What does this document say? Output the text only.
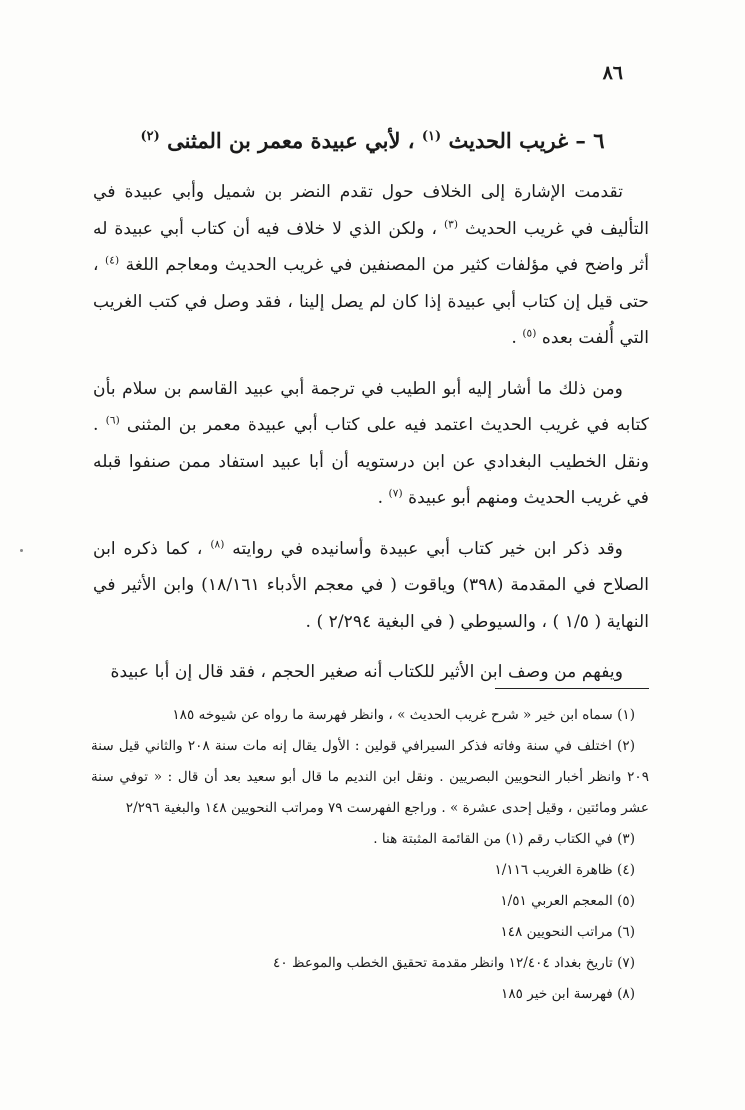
٨٦
٦ – غريب الحديث $^{(١)}$ ، لأبي عبيدة معمر بن المثنى $^{(٢)}$

تقدمت الإشارة إلى الخلاف حول تقدم النضر بن شميل وأبي عبيدة في التأليف في غريب الحديث $^{(٣)}$ ، ولكن الذي لا خلاف فيه أن كتاب أبي عبيدة له أثر واضح في مؤلفات كثير من المصنفين في غريب الحديث ومعاجم اللغة $^{(٤)}$ ، حتى قيل إن كتاب أبي عبيدة إذا كان لم يصل إلينا ، فقد وصل في كتب الغريب التي أُلفت بعده $^{(٥)}$ .

ومن ذلك ما أشار إليه أبو الطيب في ترجمة أبي عبيد القاسم بن سلام بأن كتابه في غريب الحديث اعتمد فيه على كتاب أبي عبيدة معمر بن المثنى $^{(٦)}$ . ونقل الخطيب البغدادي عن ابن درستويه أن أبا عبيد استفاد ممن صنفوا قبله في غريب الحديث ومنهم أبو عبيدة $^{(٧)}$ .

وقد ذكر ابن خير كتاب أبي عبيدة وأسانيده في روايته $^{(٨)}$ ، كما ذكره ابن الصلاح في المقدمة (٣٩٨) وياقوت ( في معجم الأدباء ١٨/١٦١) وابن الأثير في النهاية ( ١/٥ ) ، والسيوطي ( في البغية ٢/٢٩٤ ) .

ويفهم من وصف ابن الأثير للكتاب أنه صغير الحجم ، فقد قال إن أبا عبيدة

(١) سماه ابن خير « شرح غريب الحديث » ، وانظر فهرسة ما رواه عن شيوخه ١٨٥

(٢) اختلف في سنة وفاته فذكر السيرافي قولين : الأول يقال إنه مات سنة ٢٠٨ والثاني قيل سنة ٢٠٩ وانظر أخبار النحويين البصريين . ونقل ابن النديم ما قال أبو سعيد بعد أن قال : « توفي سنة عشر ومائتين ، وقيل إحدى عشرة » . وراجع الفهرست ٧٩ ومراتب النحويين ١٤٨ والبغية ٢/٢٩٦

(٣) في الكتاب رقم (١) من القائمة المثبتة هنا .

(٤) ظاهرة الغريب ١/١١٦

(٥) المعجم العربي ١/٥١

(٦) مراتب النحويين ١٤٨

(٧) تاريخ بغداد ١٢/٤٠٤ وانظر مقدمة تحقيق الخطب والموعظ ٤٠

(٨) فهرسة ابن خير ١٨٥
